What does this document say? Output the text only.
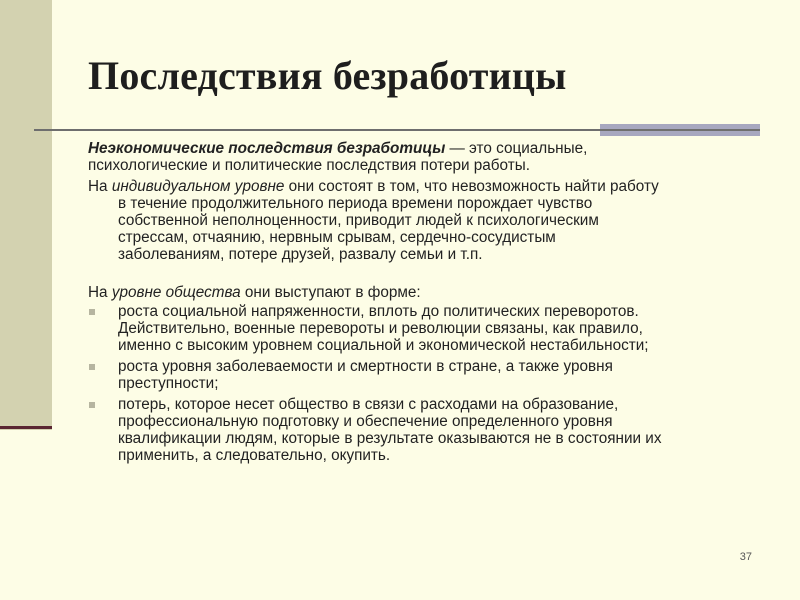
Последствия безработицы

Неэкономические последствия безработицы — это социальные,
психологические и политические последствия потери работы.

На индивидуальном уровне они состоят в том, что невозможность найти работу
в течение продолжительного периода времени порождает чувство
собственной неполноценности, приводит людей к психологическим
стрессам, отчаянию, нервным срывам, сердечно-сосудистым
заболеваниям, потере друзей, развалу семьи и т.п.

На уровне общества они выступают в форме:

роста социальной напряженности, вплоть до политических переворотов.
Действительно, военные перевороты и революции связаны, как правило,
именно с высоким уровнем социальной и экономической нестабильности;
роста уровня заболеваемости и смертности в стране, а также уровня
преступности;
потерь, которое несет общество в связи с расходами на образование,
профессиональную подготовку и обеспечение определенного уровня
квалификации людям, которые в результате оказываются не в состоянии их
применить, а следовательно, окупить.
37
